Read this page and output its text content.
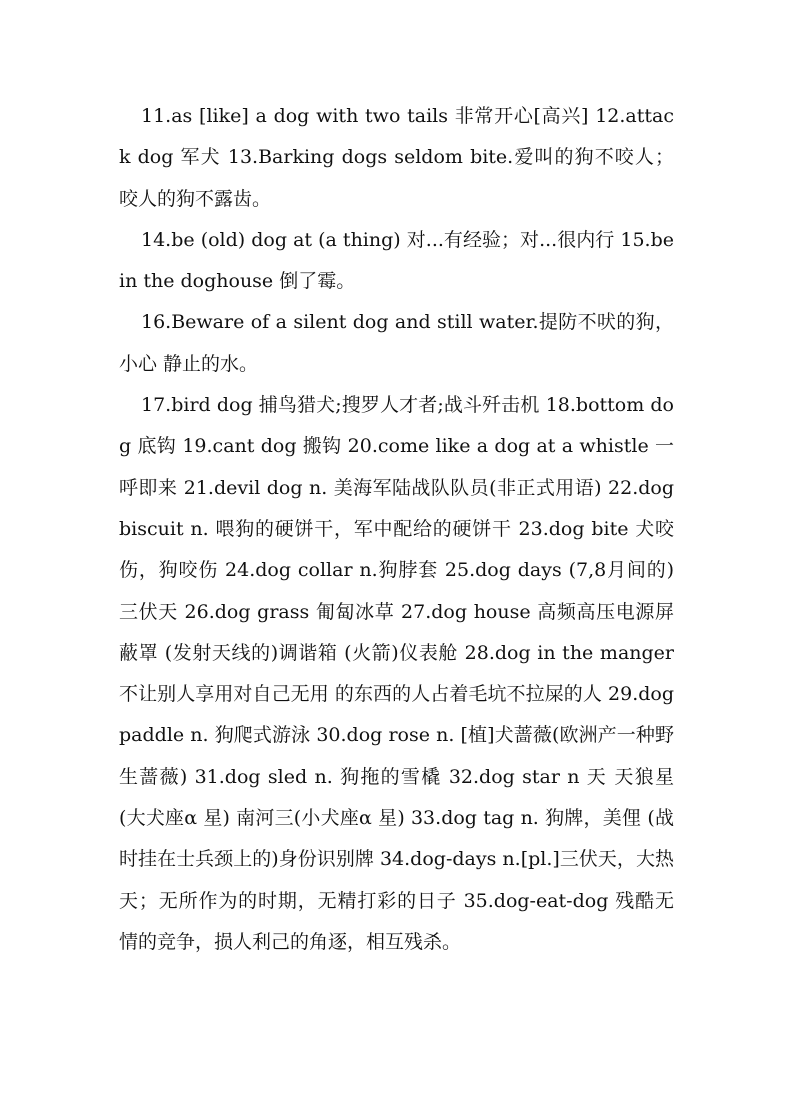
11.as [like] a dog with two tails 非常开心[高兴] 12.attack dog 军犬 13.Barking dogs seldom bite.爱叫的狗不咬人；咬人的狗不露齿。

14.be (old) dog at (a thing) 对...有经验；对...很内行 15.be in the doghouse 倒了霉。

16.Beware of a silent dog and still water.提防不吠的狗，小心 静止的水。

17.bird dog 捕鸟猎犬;搜罗人才者;战斗歼击机 18.bottom dog 底钩 19.cant dog 搬钩 20.come like a dog at a whistle 一呼即来 21.devil dog n. 美海军陆战队队员(非正式用语) 22.dog biscuit n. 喂狗的硬饼干，军中配给的硬饼干 23.dog bite 犬咬伤，狗咬伤 24.dog collar n.狗脖套 25.dog days (7,8月间的)三伏天 26.dog grass 匍匐冰草 27.dog house 高频高压电源屏蔽罩 (发射天线的)调谐箱 (火箭)仪表舱 28.dog in the manger 不让别人享用对自己无用 的东西的人占着毛坑不拉屎的人 29.dog paddle n. 狗爬式游泳 30.dog rose n. [植]犬蔷薇(欧洲产一种野生蔷薇) 31.dog sled n. 狗拖的雪橇 32.dog star n 天 天狼星(大犬座α 星) 南河三(小犬座α 星) 33.dog tag n. 狗牌，美俚 (战时挂在士兵颈上的)身份识别牌 34.dog-days n.[pl.]三伏天，大热天；无所作为的时期，无精打彩的日子 35.dog-eat-dog 残酷无情的竞争，损人利己的角逐，相互残杀。
